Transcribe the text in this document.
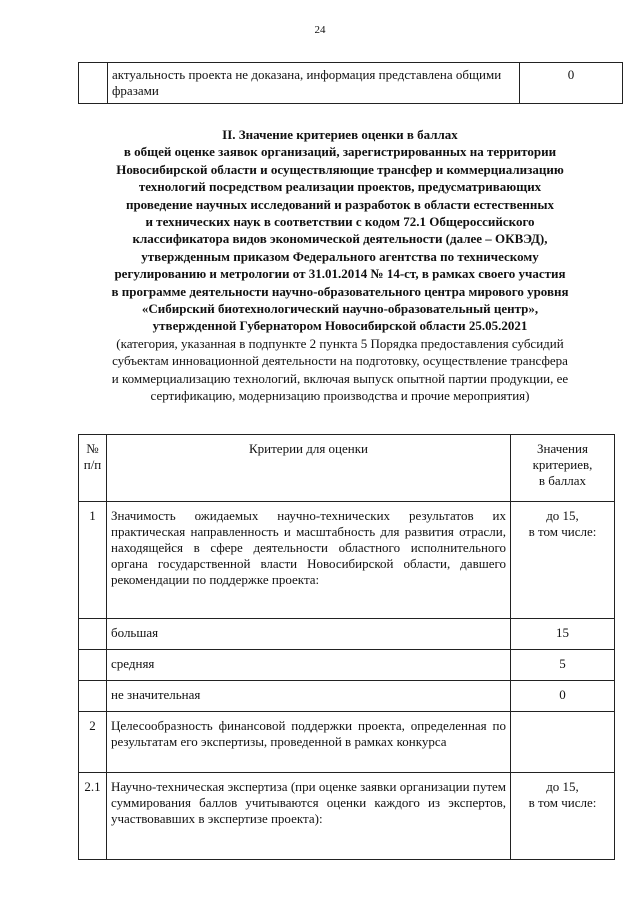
24
	актуальность проекта не доказана, информация представлена общими фразами	0
II. Значение критериев оценки в баллах
в общей оценке заявок организаций, зарегистрированных на территории
Новосибирской области и осуществляющие трансфер и коммерциализацию
технологий посредством реализации проектов, предусматривающих
проведение научных исследований и разработок в области естественных
и технических наук в соответствии с кодом 72.1 Общероссийского
классификатора видов экономической деятельности (далее – ОКВЭД),
утвержденным приказом Федерального агентства по техническому
регулированию и метрологии от 31.01.2014 № 14-ст, в рамках своего участия
в программе деятельности научно-образовательного центра мирового уровня
«Сибирский биотехнологический научно-образовательный центр»,
утвержденной Губернатором Новосибирской области 25.05.2021
(категория, указанная в подпункте 2 пункта 5 Порядка предоставления субсидий
субъектам инновационной деятельности на подготовку, осуществление трансфера
и коммерциализацию технологий, включая выпуск опытной партии продукции, ее
сертификацию, модернизацию производства и прочие мероприятия)
№ п/п	Критерии для оценки	Значения
критериев,
в баллах

1	Значимость ожидаемых научно-технических результатов их практическая направленность и масштабность для развития отрасли, находящейся в сфере деятельности областного исполнительного органа государственной власти Новосибирской области, давшего рекомендации по поддержке проекта:	до 15,
в том числе:

	большая	15
	средняя	5
	не значительная	0
2	Целесообразность финансовой поддержки проекта, определенная по результатам его экспертизы, проведенной в рамках конкурса	
2.1	Научно-техническая экспертиза (при оценке заявки организации путем суммирования баллов учитываются оценки каждого из экспертов, участвовавших в экспертизе проекта):	до 15,
в том числе:
